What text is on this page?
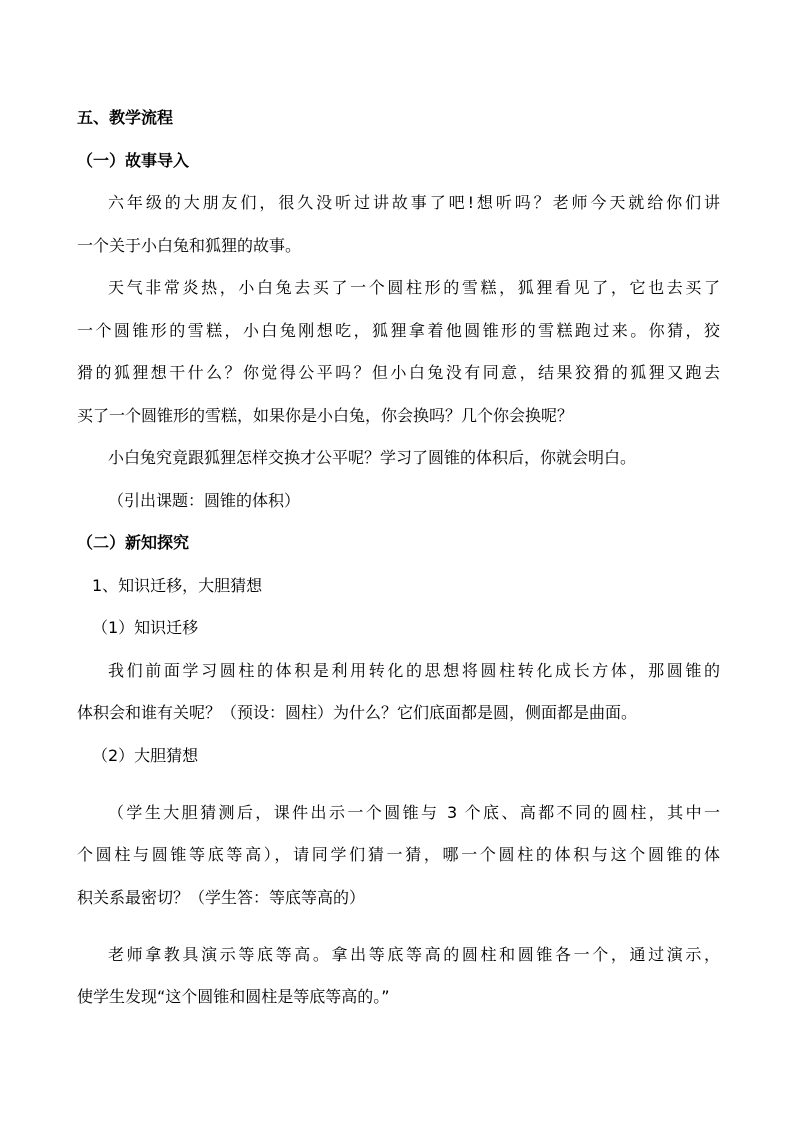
五、教学流程
（一）故事导入
六年级的大朋友们，很久没听过讲故事了吧!想听吗？老师今天就给你们讲
一个关于小白兔和狐狸的故事。
天气非常炎热，小白兔去买了一个圆柱形的雪糕，狐狸看见了，它也去买了
一个圆锥形的雪糕，小白兔刚想吃，狐狸拿着他圆锥形的雪糕跑过来。你猜，狡
猾的狐狸想干什么？你觉得公平吗？但小白兔没有同意，结果狡猾的狐狸又跑去
买了一个圆锥形的雪糕，如果你是小白兔，你会换吗？几个你会换呢？
小白兔究竟跟狐狸怎样交换才公平呢？学习了圆锥的体积后，你就会明白。
（引出课题：圆锥的体积）
（二）新知探究
1、知识迁移，大胆猜想
（1）知识迁移
我们前面学习圆柱的体积是利用转化的思想将圆柱转化成长方体，那圆锥的
体积会和谁有关呢？（预设：圆柱）为什么？它们底面都是圆，侧面都是曲面。
（2）大胆猜想
（学生大胆猜测后，课件出示一个圆锥与 3 个底、高都不同的圆柱，其中一
个圆柱与圆锥等底等高），请同学们猜一猜，哪一个圆柱的体积与这个圆锥的体
积关系最密切？（学生答：等底等高的）
老师拿教具演示等底等高。拿出等底等高的圆柱和圆锥各一个，通过演示，
使学生发现“这个圆锥和圆柱是等底等高的。”
